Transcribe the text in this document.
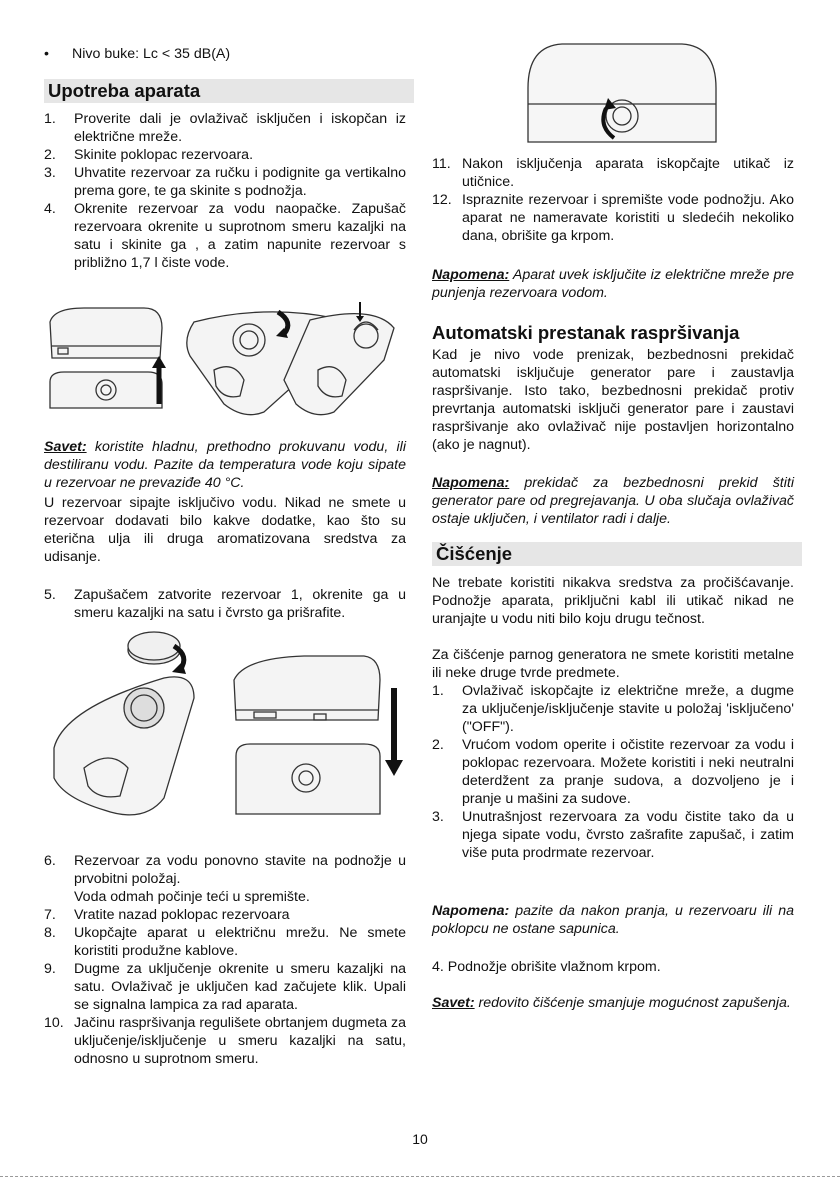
• Nivo buke: Lc < 35 dB(A)
Upotreba aparata
1. Proverite dali je ovlaživač isključen i iskopčan iz električne mreže.
2. Skinite poklopac rezervoara.
3. Uhvatite rezervoar za ručku i podignite ga vertikalno prema gore, te ga skinite s podnožja.
4. Okrenite rezervoar za vodu naopačke. Zapušač rezervoara okrenite u suprotnom smeru kazaljki na satu i skinite ga , a zatim napunite rezervoar s približno 1,7 l čiste vode.

Savet: koristite hladnu, prethodno prokuvanu vodu, ili destiliranu vodu. Pazite da temperatura vode koju sipate u rezervoar ne prevaziđe 40 °C.

U rezervoar sipajte isključivo vodu. Nikad ne smete u rezervoar dodavati bilo kakve dodatke, kao što su eterična ulja ili druga aromatizovana sredstva za udisanje.

5. Zapušačem zatvorite rezervoar 1, okrenite ga u smeru kazaljki na satu i čvrsto ga prišrafite.
6. Rezervoar za vodu ponovno stavite na podnožje u prvobitni položaj.
Voda odmah počinje teći u spremište.
7. Vratite nazad poklopac rezervoara
8. Ukopčajte aparat u električnu mrežu. Ne smete koristiti produžne kablove.
9. Dugme za uključenje okrenite u smeru kazaljki na satu. Ovlaživač je uključen kad začujete klik. Upali se signalna lampica za rad aparata.
10. Jačinu raspršivanja regulišete obrtanjem dugmeta za uključenje/isključenje u smeru kazaljki na satu, odnosno u suprotnom smeru.
11. Nakon isključenja aparata iskopčajte utikač iz utičnice.
12. Ispraznite rezervoar i spremište vode podnožju. Ako aparat ne nameravate koristiti u sledećih nekoliko dana, obrišite ga krpom.

Napomena: Aparat uvek isključite iz električne mreže pre punjenja rezervoara vodom.

Automatski prestanak raspršivanja

Kad je nivo vode prenizak, bezbednosni prekidač automatski isključuje generator pare i zaustavlja raspršivanje. Isto tako, bezbednosni prekidač protiv prevrtanja automatski isključi generator pare i zaustavi raspršivanje ako ovlaživač nije postavljen horizontalno (ako je nagnut).

Napomena: prekidač za bezbednosni prekid štiti generator pare od pregrejavanja. U oba slučaja ovlaživač ostaje uključen, i ventilator radi i dalje.

Čišćenje

Ne trebate koristiti nikakva sredstva za pročišćavanje. Podnožje aparata, priključni kabl ili utikač nikad ne uranjajte u vodu niti bilo koju drugu tečnost.

Za čišćenje parnog generatora ne smete koristiti metalne ili neke druge tvrde predmete.

1. Ovlaživač iskopčajte iz električne mreže, a dugme za uključenje/isključenje stavite u položaj 'isključeno' ("OFF").
2. Vrućom vodom operite i očistite rezervoar za vodu i poklopac rezervoara. Možete koristiti i neki neutralni deterdžent za pranje sudova, a dozvoljeno je i pranje u mašini za sudove.
3. Unutrašnjost rezervoara za vodu čistite tako da u njega sipate vodu, čvrsto zašrafite zapušač, i zatim više puta prodrmate rezervoar.

Napomena: pazite da nakon pranja, u rezervoaru ili na poklopcu ne ostane sapunica.

4. Podnožje obrišite vlažnom krpom.

Savet: redovito čišćenje smanjuje mogućnost zapušenja.

10
